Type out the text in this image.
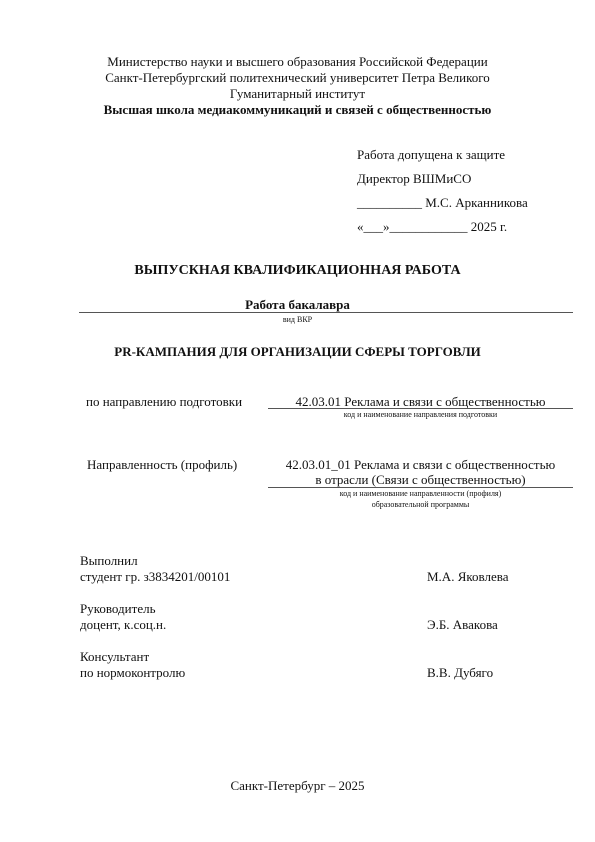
Министерство науки и высшего образования Российской Федерации
Санкт-Петербургский политехнический университет Петра Великого
Гуманитарный институт
Высшая школа медиакоммуникаций и связей с общественностью
Работа допущена к защите
Директор ВШМиСО
__________ М.С. Арканникова
«___»____________ 2025 г.
ВЫПУСКНАЯ КВАЛИФИКАЦИОННАЯ РАБОТА
Работа бакалавра
вид ВКР
PR-КАМПАНИЯ ДЛЯ ОРГАНИЗАЦИИ СФЕРЫ ТОРГОВЛИ
по направлению подготовки	42.03.01 Реклама и связи с общественностью
код и наименование направления подготовки
Направленность (профиль)	42.03.01_01 Реклама и связи с общественностью
в отрасли (Связи с общественностью)
код и наименование направленности (профиля)
образовательной программы
Выполнил
студент гр. з3834201/00101	М.А. Яковлева
Руководитель
доцент, к.соц.н.	Э.Б. Авакова
Консультант
по нормоконтролю	В.В. Дубяго
Санкт-Петербург – 2025
